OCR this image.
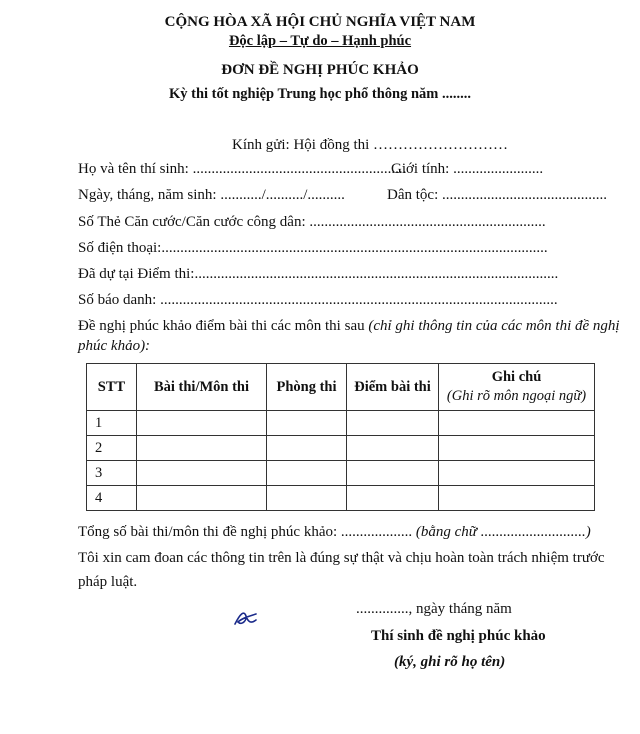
CỘNG HÒA XÃ HỘI CHỦ NGHĨA VIỆT NAM
Độc lập – Tự do – Hạnh phúc
ĐƠN ĐỀ NGHỊ PHÚC KHẢO
Kỳ thi tốt nghiệp Trung học phổ thông năm ........
Kính gửi: Hội đồng thi ………………………
Họ và tên thí sinh: .........................................................
Giới tính: ........................
Ngày, tháng, năm sinh: .........../........../..........	Dân tộc: ............................................
Số Thẻ Căn cước/Căn cước công dân: ...............................................................
Số điện thoại:.......................................................................................................
Đã dự tại Điểm thi:.................................................................................................
Số báo danh: ..........................................................................................................
Đề nghị phúc khảo điểm bài thi các môn thi sau (chỉ ghi thông tin của các môn thi đề nghị
phúc khảo):
STT	Bài thi/Môn thi	Phòng thi	Điểm bài thi	Ghi chú
(Ghi rõ môn ngoại ngữ)

1				
2				
3				
4				
Tổng số bài thi/môn thi đề nghị phúc khảo: ................... (bằng chữ ............................)
Tôi xin cam đoan các thông tin trên là đúng sự thật và chịu hoàn toàn trách nhiệm trước
pháp luật.
.............., ngày tháng năm
Thí sinh đề nghị phúc khảo
(ký, ghi rõ họ tên)
